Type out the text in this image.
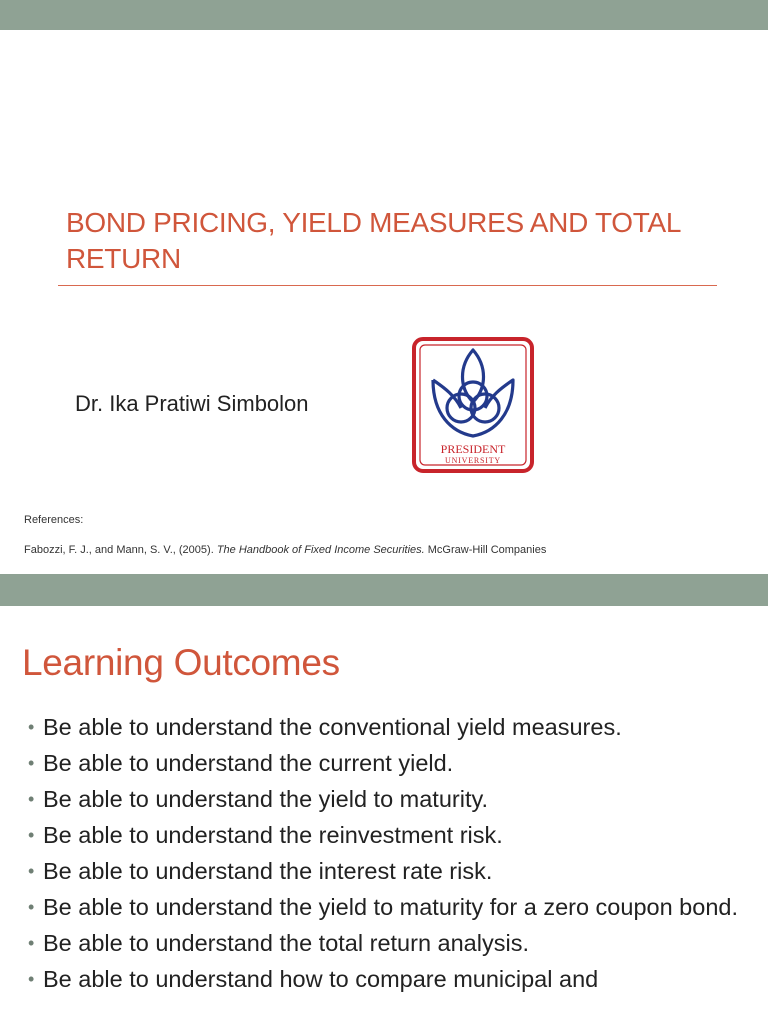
BOND PRICING, YIELD MEASURES AND TOTAL RETURN
Dr. Ika Pratiwi Simbolon
PRESIDENT
UNIVERSITY
References:
Fabozzi, F. J., and Mann, S. V., (2005). The Handbook of Fixed Income Securities. McGraw-Hill Companies
Learning Outcomes
• Be able to understand the conventional yield measures.
• Be able to understand the current yield.
• Be able to understand the yield to maturity.
• Be able to understand the reinvestment risk.
• Be able to understand the interest rate risk.
• Be able to understand the yield to maturity for a zero coupon bond.
• Be able to understand the total return analysis.
• Be able to understand how to compare municipal and
